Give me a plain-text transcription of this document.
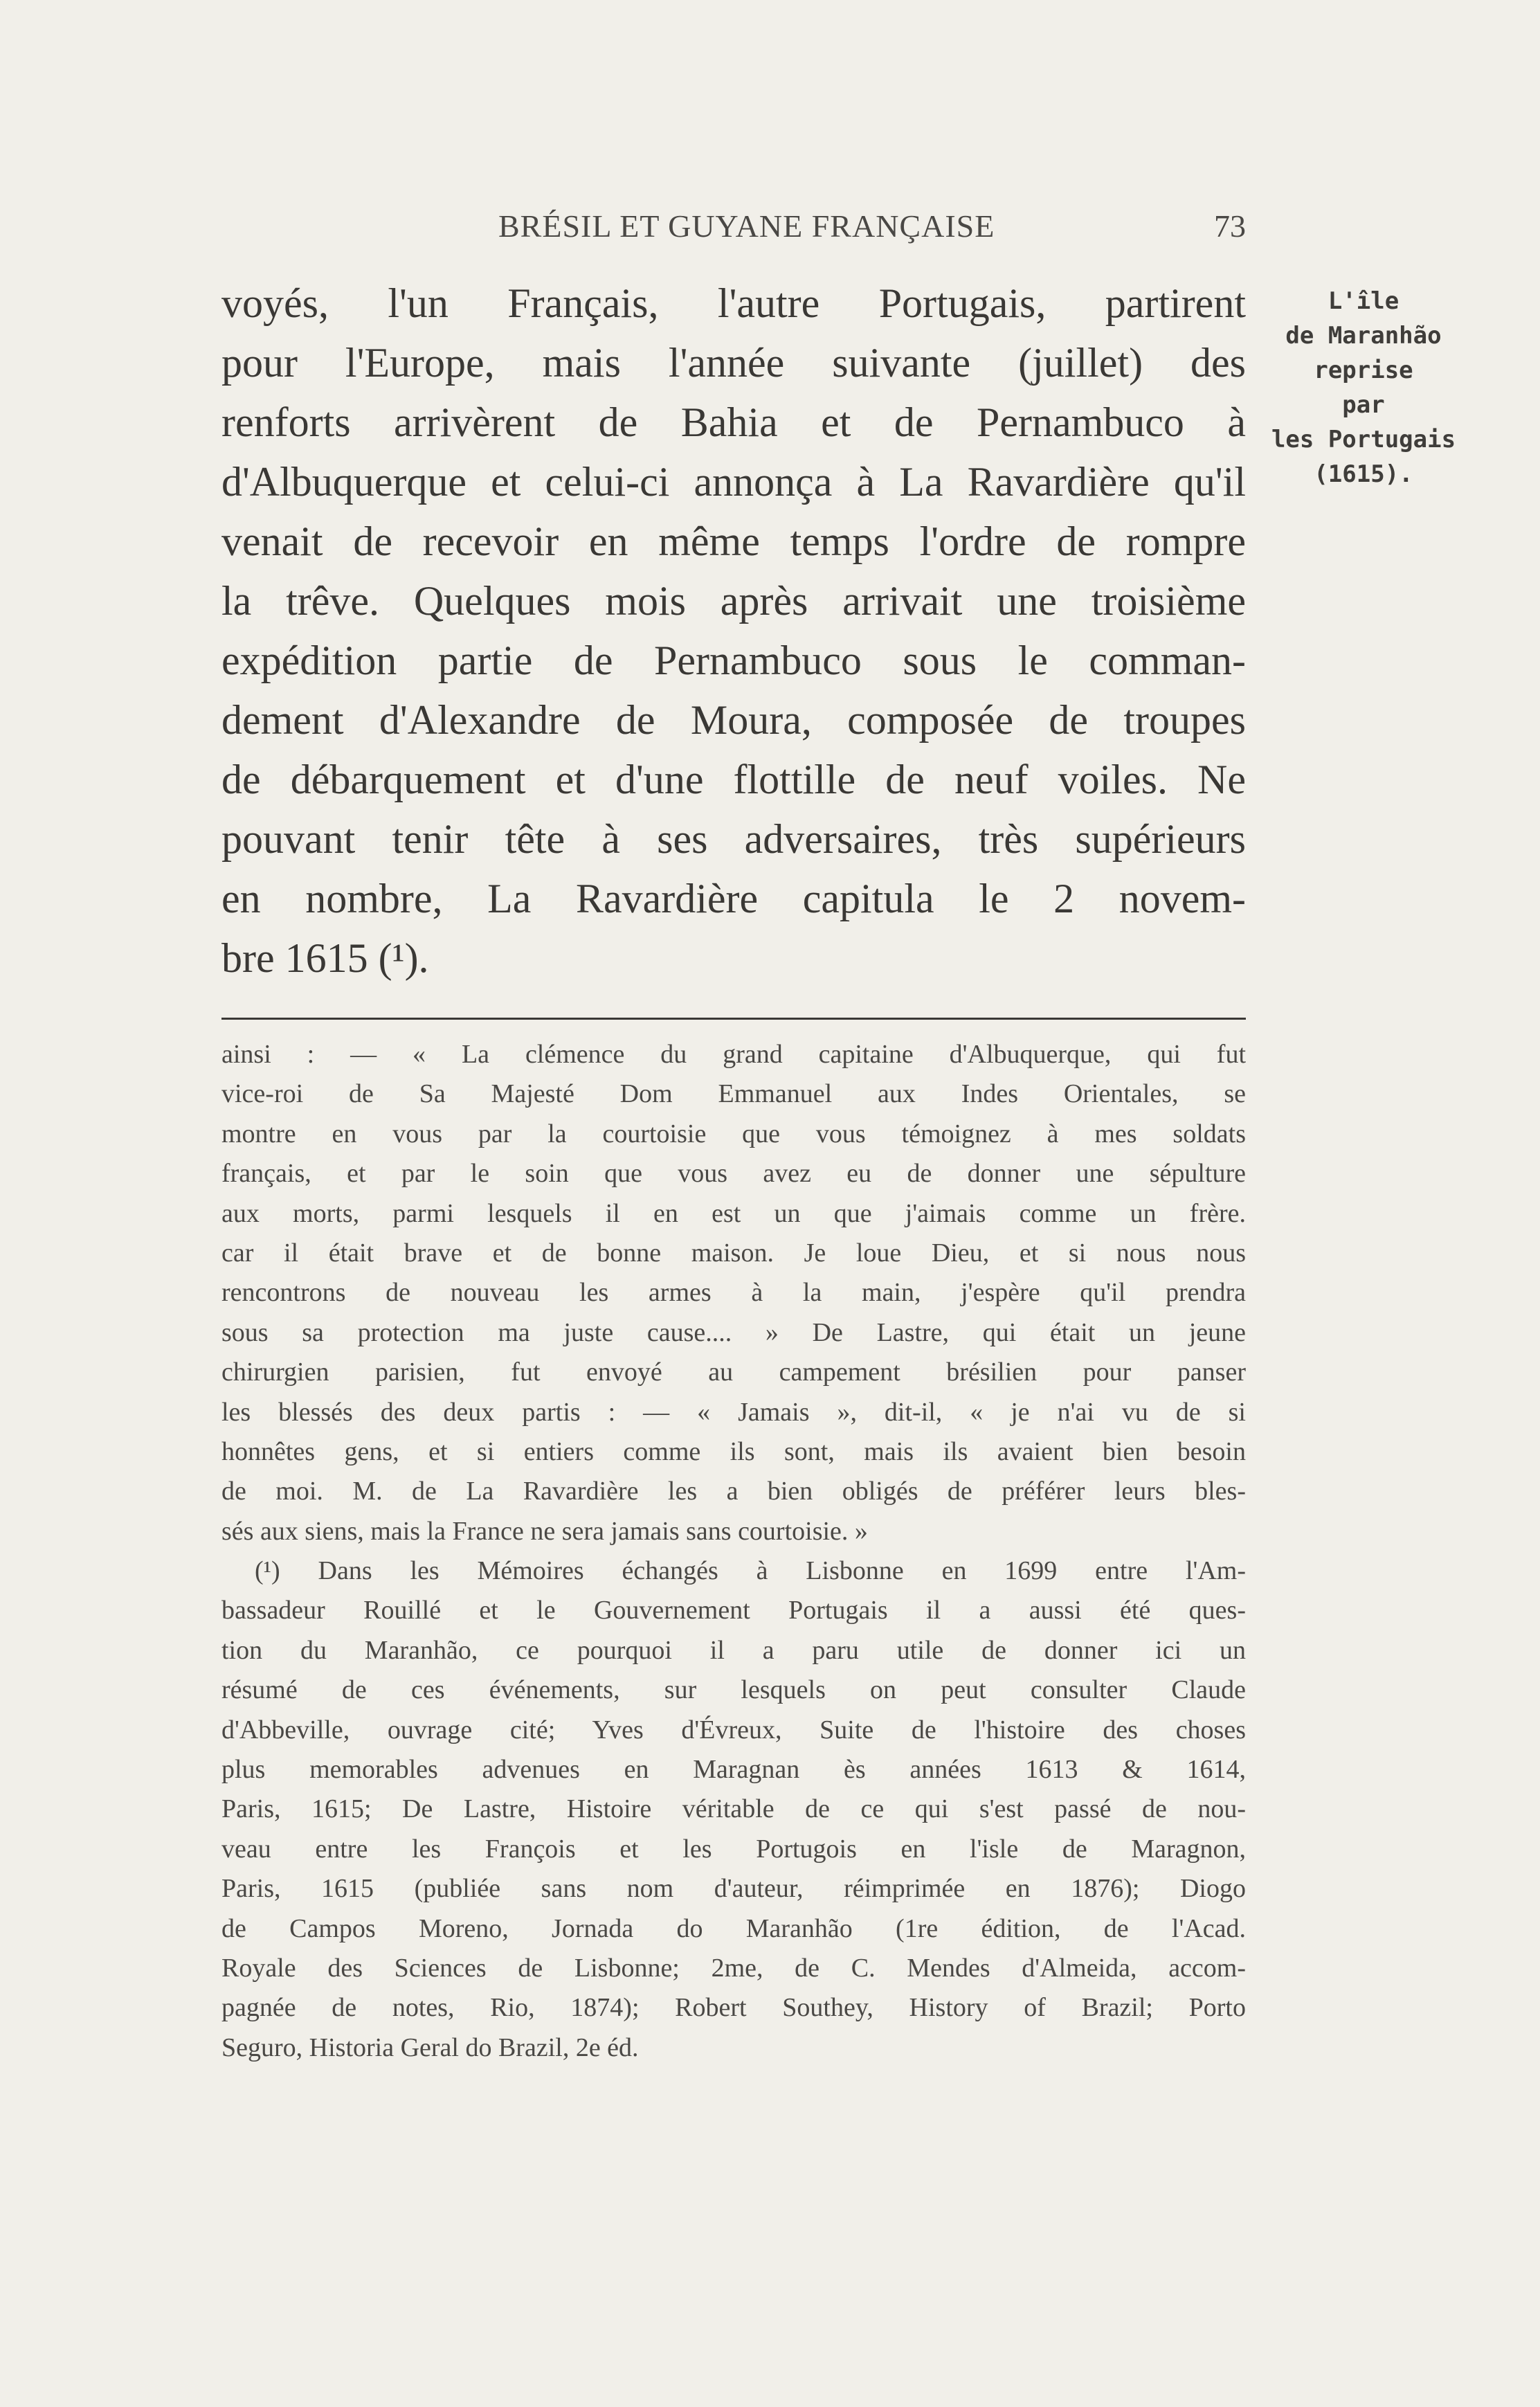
BRÉSIL ET GUYANE FRANÇAISE	73
voyés, l'un Français, l'autre Portugais, partirent
pour l'Europe, mais l'année suivante (juillet) des
renforts arrivèrent de Bahia et de Pernambuco à
d'Albuquerque et celui-ci annonça à La Ravardière qu'il
venait de recevoir en même temps l'ordre de rompre
la trêve. Quelques mois après arrivait une troisième
expédition partie de Pernambuco sous le comman-
dement d'Alexandre de Moura, composée de troupes
de débarquement et d'une flottille de neuf voiles. Ne
pouvant tenir tête à ses adversaires, très supérieurs
en nombre, La Ravardière capitula le 2 novem-
bre 1615 (¹).
L'île
de Maranhão
reprise
par
les Portugais
(1615).
ainsi : — « La clémence du grand capitaine d'Albuquerque, qui fut
vice-roi de Sa Majesté Dom Emmanuel aux Indes Orientales, se
montre en vous par la courtoisie que vous témoignez à mes soldats
français, et par le soin que vous avez eu de donner une sépulture
aux morts, parmi lesquels il en est un que j'aimais comme un frère.
car il était brave et de bonne maison. Je loue Dieu, et si nous nous
rencontrons de nouveau les armes à la main, j'espère qu'il prendra
sous sa protection ma juste cause.... » De Lastre, qui était un jeune
chirurgien parisien, fut envoyé au campement brésilien pour panser
les blessés des deux partis : — « Jamais », dit-il, « je n'ai vu de si
honnêtes gens, et si entiers comme ils sont, mais ils avaient bien besoin
de moi. M. de La Ravardière les a bien obligés de préférer leurs bles-
sés aux siens, mais la France ne sera jamais sans courtoisie. »
(¹) Dans les Mémoires échangés à Lisbonne en 1699 entre l'Am-
bassadeur Rouillé et le Gouvernement Portugais il a aussi été ques-
tion du Maranhão, ce pourquoi il a paru utile de donner ici un
résumé de ces événements, sur lesquels on peut consulter Claude
d'Abbeville, ouvrage cité; Yves d'Évreux, Suite de l'histoire des choses
plus memorables advenues en Maragnan ès années 1613 & 1614,
Paris, 1615; De Lastre, Histoire véritable de ce qui s'est passé de nou-
veau entre les François et les Portugois en l'isle de Maragnon,
Paris, 1615 (publiée sans nom d'auteur, réimprimée en 1876); Diogo
de Campos Moreno, Jornada do Maranhão (1re édition, de l'Acad.
Royale des Sciences de Lisbonne; 2me, de C. Mendes d'Almeida, accom-
pagnée de notes, Rio, 1874); Robert Southey, History of Brazil; Porto
Seguro, Historia Geral do Brazil, 2e éd.
